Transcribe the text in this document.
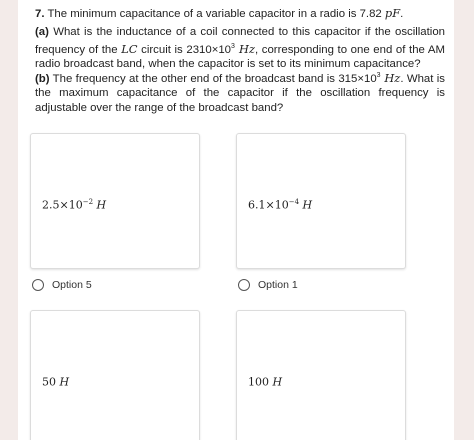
7. The minimum capacitance of a variable capacitor in a radio is 7.82 pF.

(a) What is the inductance of a coil connected to this capacitor if the oscillation frequency of the LC circuit is $2310\times 10^3$ Hz, corresponding to one end of the AM radio broadcast band, when the capacitor is set to its minimum capacitance?

(b) The frequency at the other end of the broadcast band is $315\times 10^3$ Hz. What is the maximum capacitance of the capacitor if the oscillation frequency is adjustable over the range of the broadcast band?

$2.5\times 10^{-2}$ H	$6.1\times 10^{-4}$ H
Option 5	Option 1
50 H	100 H
